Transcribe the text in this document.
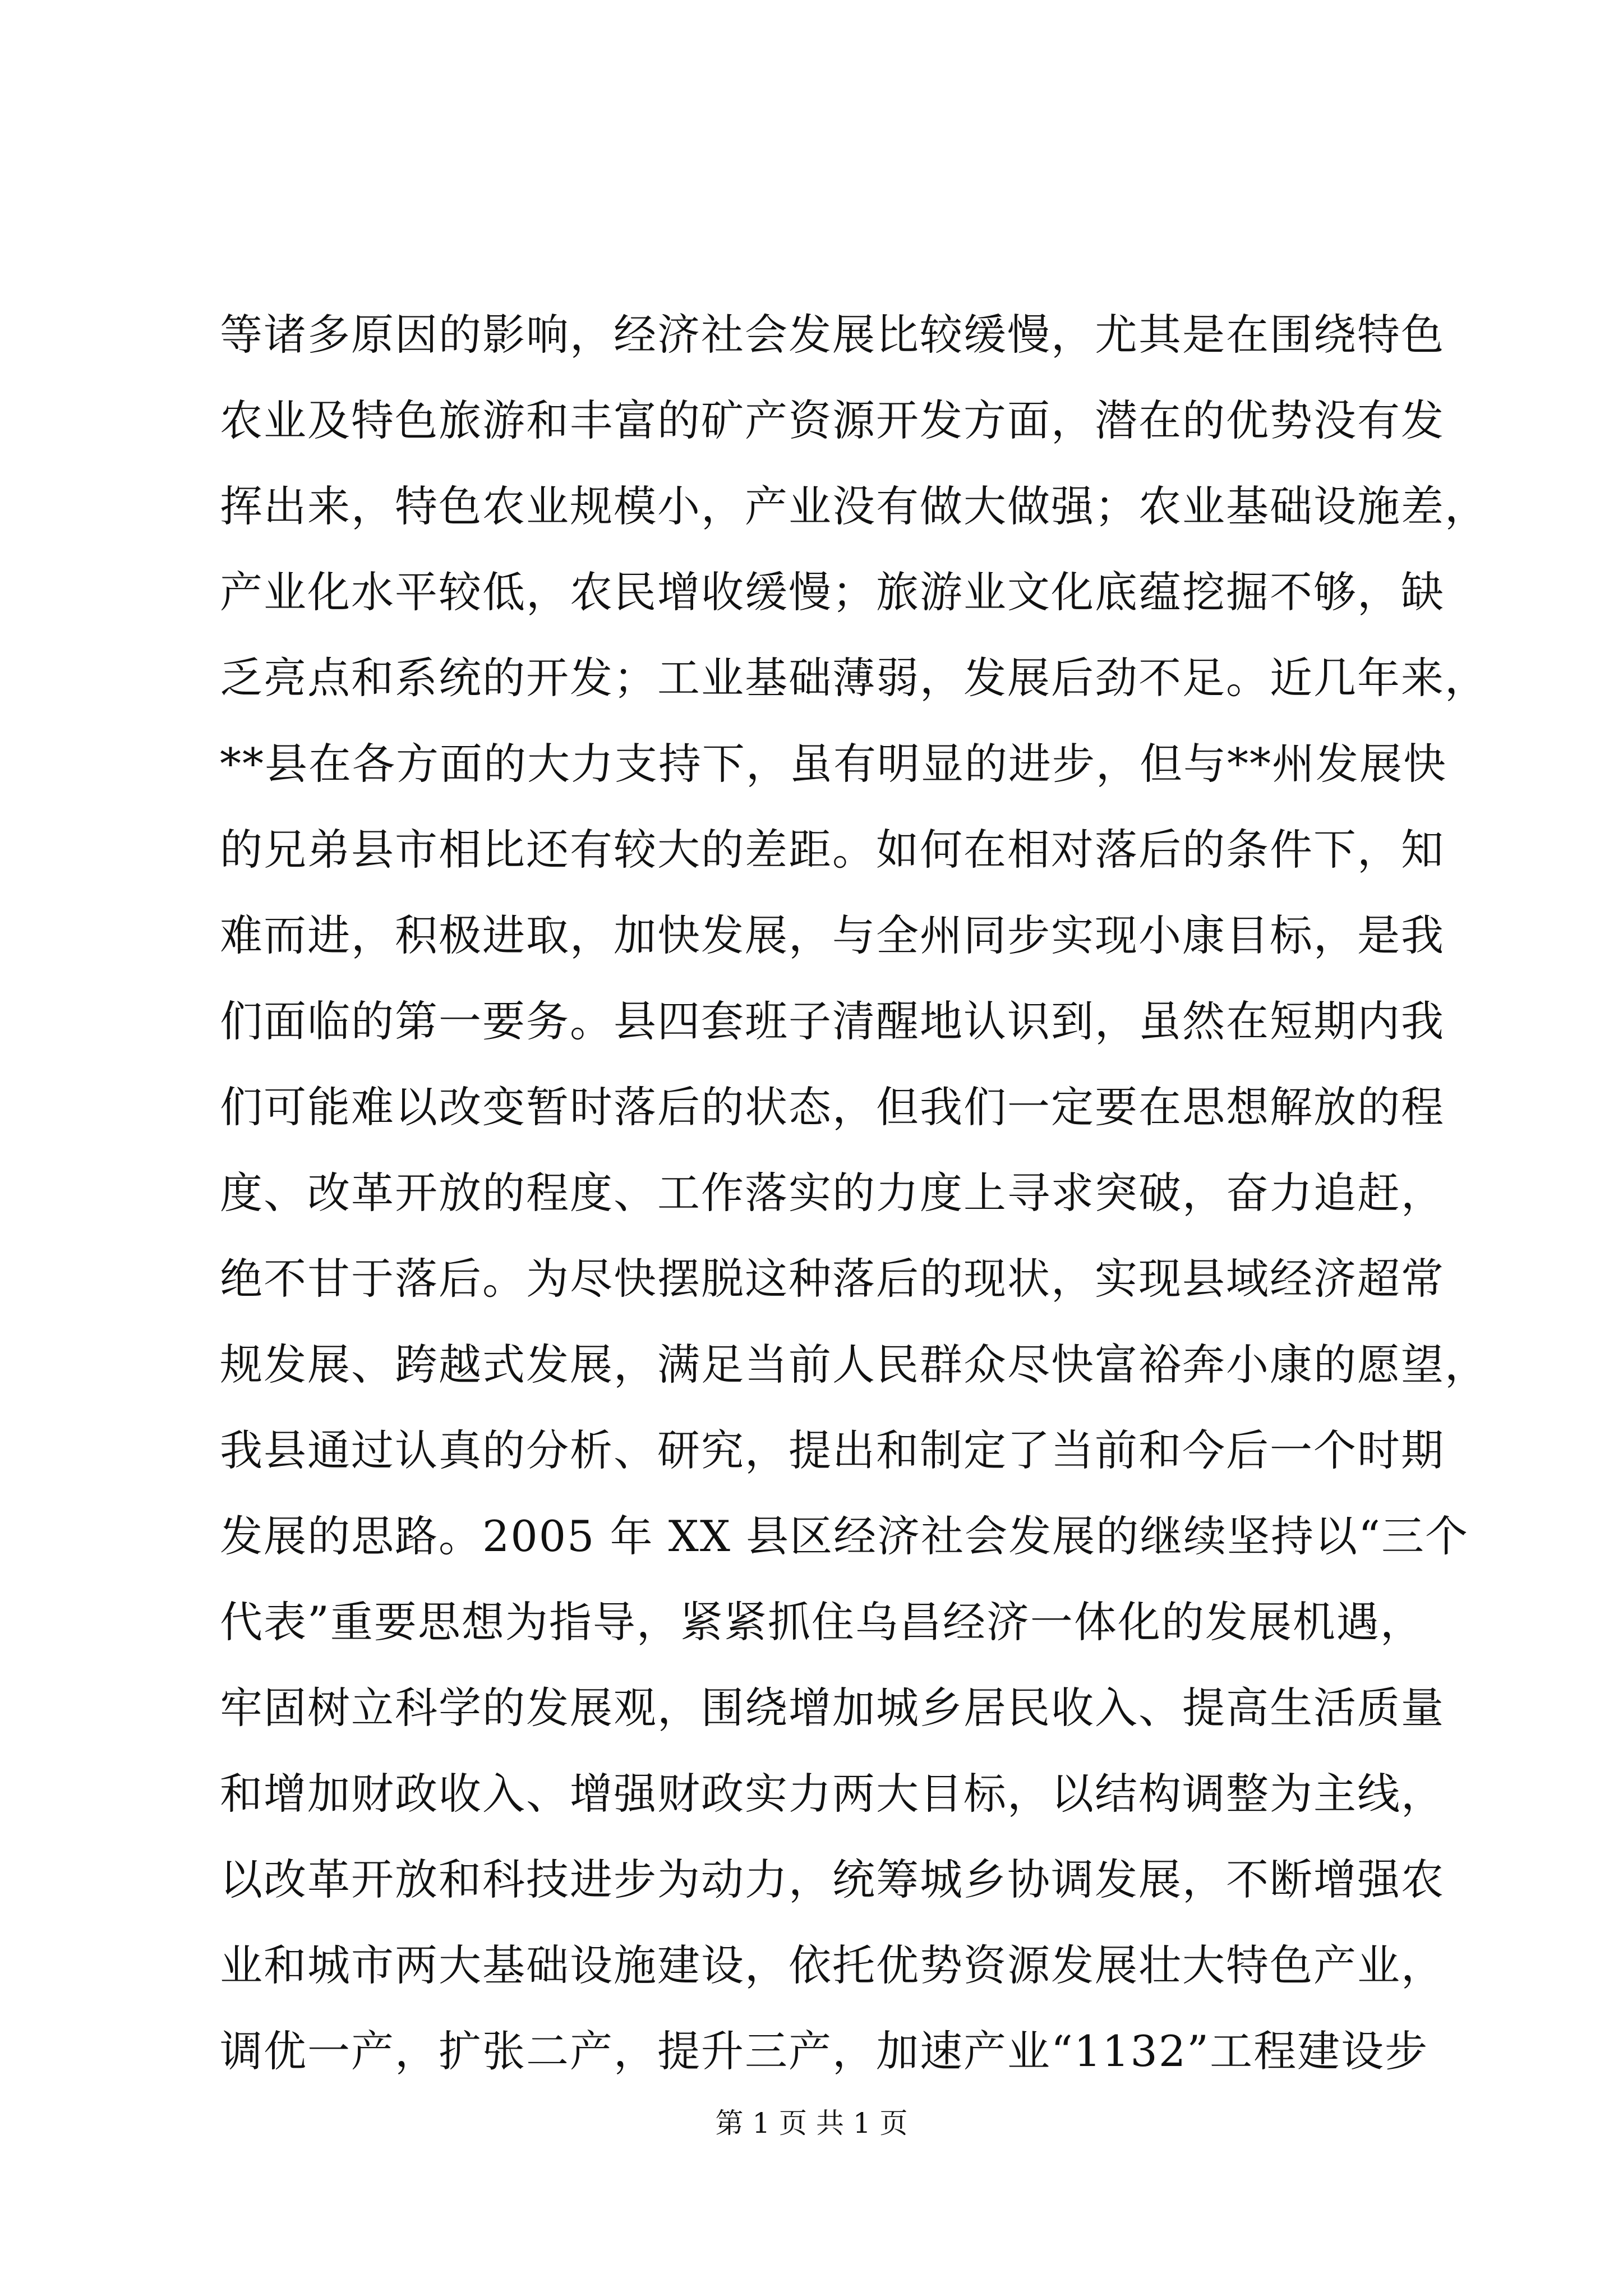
等诸多原因的影响，经济社会发展比较缓慢，尤其是在围绕特色
农业及特色旅游和丰富的矿产资源开发方面，潜在的优势没有发
挥出来，特色农业规模小，产业没有做大做强；农业基础设施差，
产业化水平较低，农民增收缓慢；旅游业文化底蕴挖掘不够，缺
乏亮点和系统的开发；工业基础薄弱，发展后劲不足。近几年来，
**县在各方面的大力支持下，虽有明显的进步，但与**州发展快
的兄弟县市相比还有较大的差距。如何在相对落后的条件下，知
难而进，积极进取，加快发展，与全州同步实现小康目标，是我
们面临的第一要务。县四套班子清醒地认识到，虽然在短期内我
们可能难以改变暂时落后的状态，但我们一定要在思想解放的程
度、改革开放的程度、工作落实的力度上寻求突破，奋力追赶，
绝不甘于落后。为尽快摆脱这种落后的现状，实现县域经济超常
规发展、跨越式发展，满足当前人民群众尽快富裕奔小康的愿望，
我县通过认真的分析、研究，提出和制定了当前和今后一个时期
发展的思路。2005 年 XX 县区经济社会发展的继续坚持以“三个
代表”重要思想为指导，紧紧抓住乌昌经济一体化的发展机遇，
牢固树立科学的发展观，围绕增加城乡居民收入、提高生活质量
和增加财政收入、增强财政实力两大目标，以结构调整为主线，
以改革开放和科技进步为动力，统筹城乡协调发展，不断增强农
业和城市两大基础设施建设，依托优势资源发展壮大特色产业，
调优一产，扩张二产，提升三产，加速产业“1132”工程建设步
第 1 页 共 1 页
